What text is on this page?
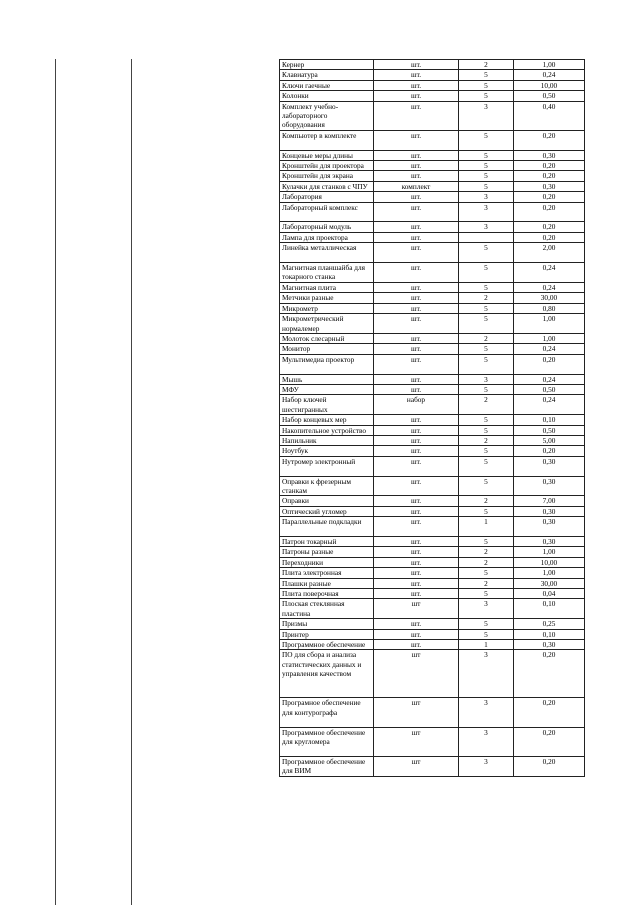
Кернер	шт.	2	1,00
Клавиатура	шт.	5	0,24
Ключи гаечные	шт.	5	10,00
Колонки	шт.	5	0,50
Комплект учебно-лабораторного оборудования	шт.	3	0,40
Компьютер в комплекте	шт.	5	0,20
Концевые меры длины	шт.	5	0,30
Кронштейн для проектора	шт.	5	0,20
Кронштейн для экрана	шт.	5	0,20
Кулачки для станков с ЧПУ	комплект	5	0,30
Лаборатория	шт.	3	0,20
Лабораторный комплекс	шт.	3	0,20
Лабораторный модуль	шт.	3	0,20
Лампа для проектора	шт.		0,20
Линейка металлическая	шт.	5	2,00
Магнитная планшайба для токарного станка	шт.	5	0,24
Магнитная плита	шт.	5	0,24
Метчики разные	шт.	2	30,00
Микрометр	шт.	5	0,80
Микрометрический нормалемер	шт.	5	1,00
Молоток слесарный	шт.	2	1,00
Монитор	шт.	5	0,24
Мультимедиа проектор	шт.	5	0,20
Мышь	шт.	3	0,24
МФУ	шт.	5	0,50
Набор ключей шестигранных	набор	2	0,24
Набор концевых мер	шт.	5	0,10
Накопительное устройство	шт.	5	0,50
Напильник	шт.	2	5,00
Ноутбук	шт.	5	0,20
Нутромер электронный	шт.	5	0,30
Оправки к фрезерным станкам	шт.	5	0,30
Оправки	шт.	2	7,00
Оптический угломер	шт.	5	0,30
Параллельные подкладки	шт.	1	0,30
Патрон токарный	шт.	5	0,30
Патроны разные	шт.	2	1,00
Переходники	шт.	2	10,00
Плита электронная	шт.	5	1,00
Плашки разные	шт.	2	30,00
Плита поверочная	шт.	5	0,04
Плоская стеклянная пластина	шт	3	0,10
Призмы	шт.	5	0,25
Принтер	шт.	5	0,10
Программное обеспечение	шт.	1	0,30
ПО для сбора и анализа статистических данных и управления качеством	шт	3	0,20
Програмное обеспечение для контурографа	шт	3	0,20
Программное обеспечение для кругломера	шт	3	0,20
Программное обеспечение для ВИМ	шт	3	0,20
